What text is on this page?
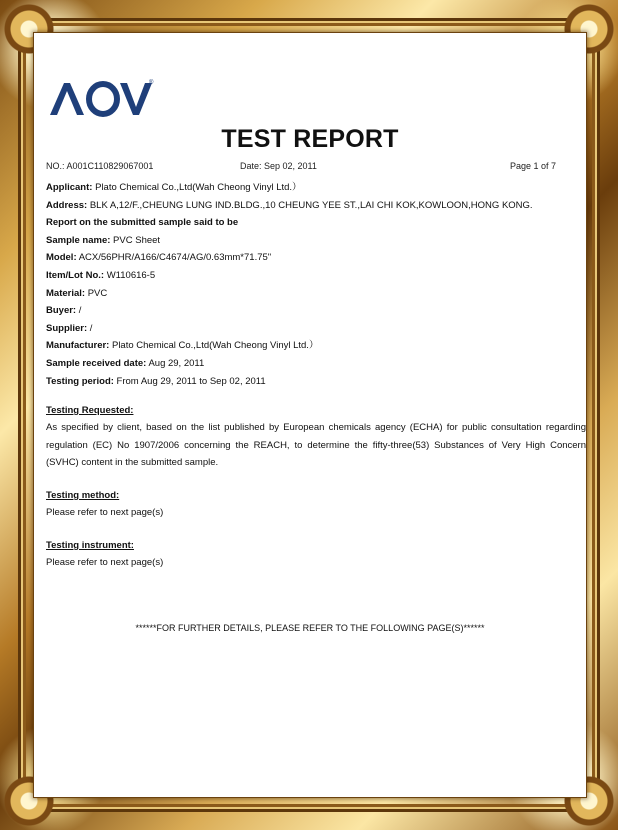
®
TEST REPORT
NO.: A001C110829067001	Date: Sep 02, 2011	Page 1 of 7
Applicant: Plato Chemical Co.,Ltd(Wah Cheong Vinyl Ltd.）
Address: BLK A,12/F.,CHEUNG LUNG IND.BLDG.,10 CHEUNG YEE ST.,LAI CHI KOK,KOWLOON,HONG KONG.
Report on the submitted sample said to be
Sample name: PVC Sheet
Model: ACX/56PHR/A166/C4674/AG/0.63mm*71.75"
Item/Lot No.: W110616-5
Material: PVC
Buyer: /
Supplier: /
Manufacturer: Plato Chemical Co.,Ltd(Wah Cheong Vinyl Ltd.）
Sample received date: Aug 29, 2011
Testing period: From Aug 29, 2011 to Sep 02, 2011
Testing Requested:
As specified by client, based on the list published by European chemicals agency (ECHA) for public consultation regarding regulation (EC) No 1907/2006 concerning the REACH, to determine the fifty-three(53) Substances of Very High Concern (SVHC) content in the submitted sample.
Testing method:
Please refer to next page(s)
Testing instrument:
Please refer to next page(s)
******FOR FURTHER DETAILS, PLEASE REFER TO THE FOLLOWING PAGE(S)******
